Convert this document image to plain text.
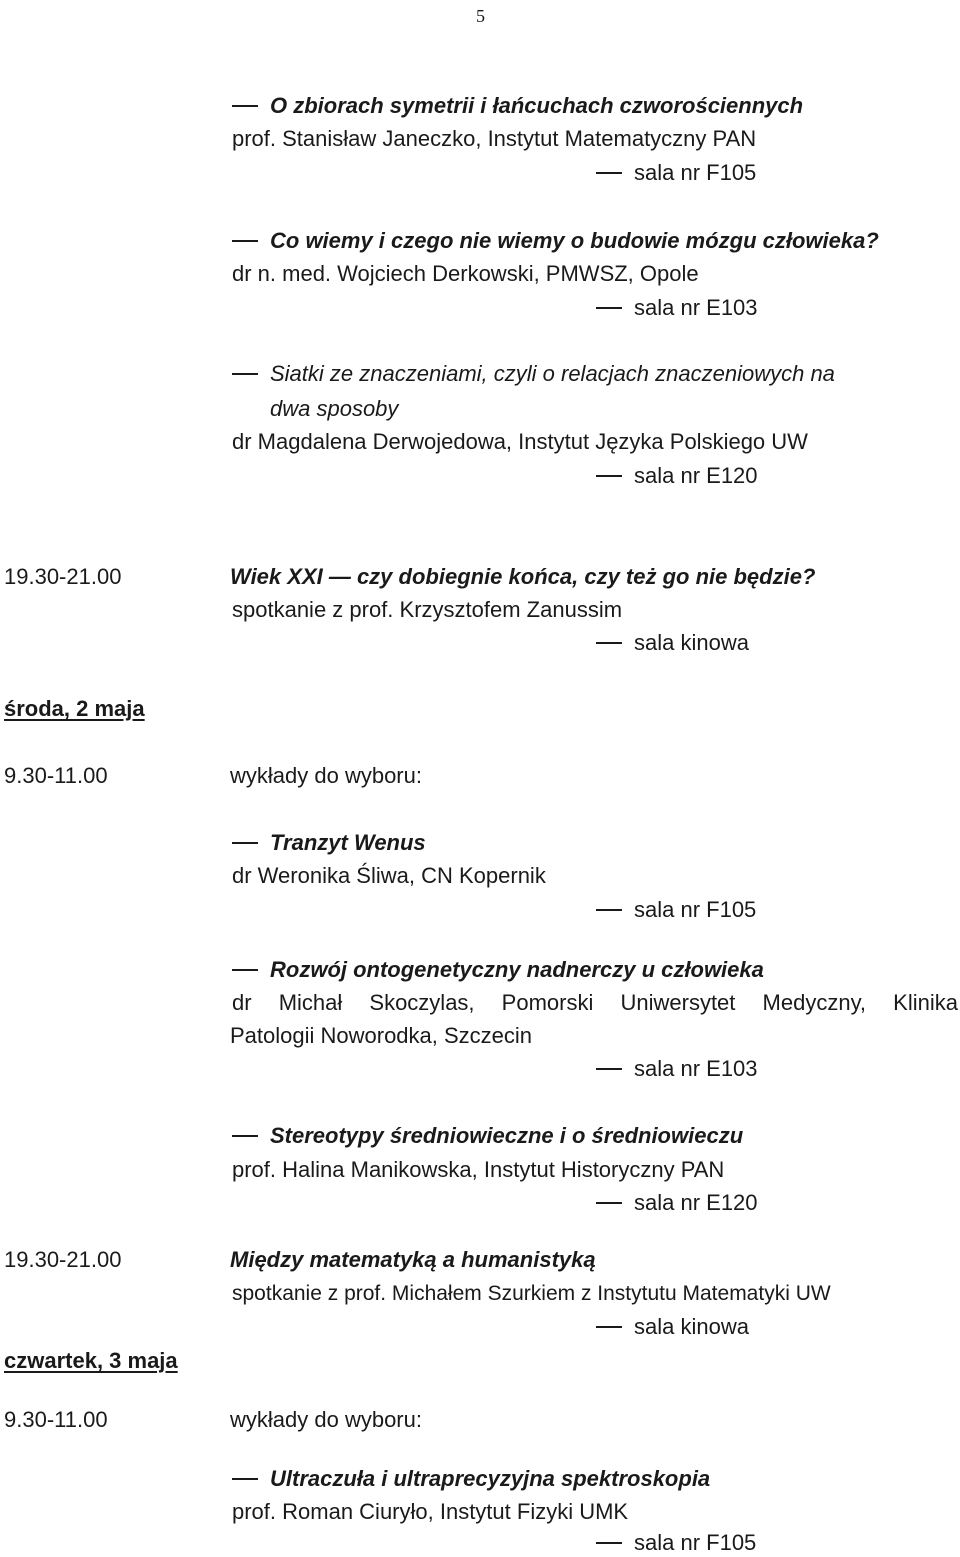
5
O zbiorach symetrii i łańcuchach czworościennych
prof. Stanisław Janeczko, Instytut Matematyczny PAN
sala nr F105
Co wiemy i czego nie wiemy o budowie mózgu człowieka?
dr n. med. Wojciech Derkowski, PMWSZ, Opole
sala nr E103
Siatki ze znaczeniami, czyli o relacjach znaczeniowych na
dwa sposoby
dr Magdalena Derwojedowa, Instytut Języka Polskiego UW
sala nr E120
19.30-21.00	Wiek XXI — czy dobiegnie końca, czy też go nie będzie?
spotkanie z prof. Krzysztofem Zanussim
sala kinowa
środa, 2 maja
9.30-11.00	wykłady do wyboru:
Tranzyt Wenus
dr Weronika Śliwa, CN Kopernik
sala nr F105
Rozwój ontogenetyczny nadnerczy u człowieka
dr Michał Skoczylas, Pomorski Uniwersytet Medyczny, Klinika
Patologii Noworodka, Szczecin
sala nr E103
Stereotypy średniowieczne i o średniowieczu
prof. Halina Manikowska, Instytut Historyczny PAN
sala nr E120
19.30-21.00	Między matematyką a humanistyką
spotkanie z prof. Michałem Szurkiem z Instytutu Matematyki UW
sala kinowa
czwartek, 3 maja
9.30-11.00	wykłady do wyboru:
Ultraczuła i ultraprecyzyjna spektroskopia
prof. Roman Ciuryło, Instytut Fizyki UMK
sala nr F105
